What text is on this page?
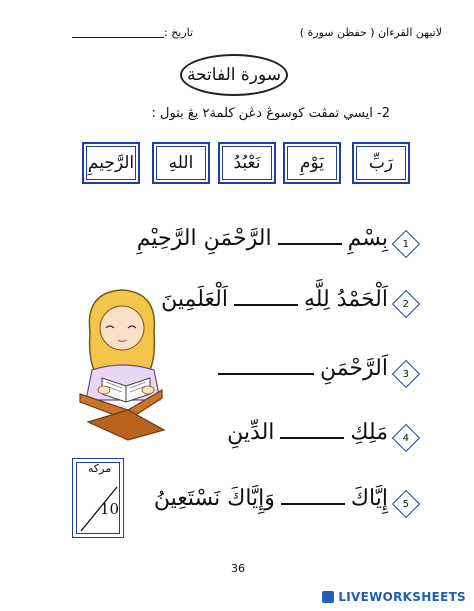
لاتيهن القرءان ( حفظن سورة )
تاريخ :
سورة الفاتحة
2- ايسي تمڤت كوسوڠ دڠن كلمة٢ يڠ بتول :
رَبِّ
يَوْمِ
نَعْبُدُ
اللهِ
الرَّحِيمِ
1
بِسْمِالرَّحْمَنِ الرَّحِيْمِ
2
اَلْحَمْدُ لِلَّهِاَلْعَلَمِينَ
3
اَلرَّحْمَنِ
4
مَلِكِالدِّينِ
5
إِيَّاكَوَإِيَّاكَ نَسْتَعِينُ
مركه
10
36
LIVEWORKSHEETS
